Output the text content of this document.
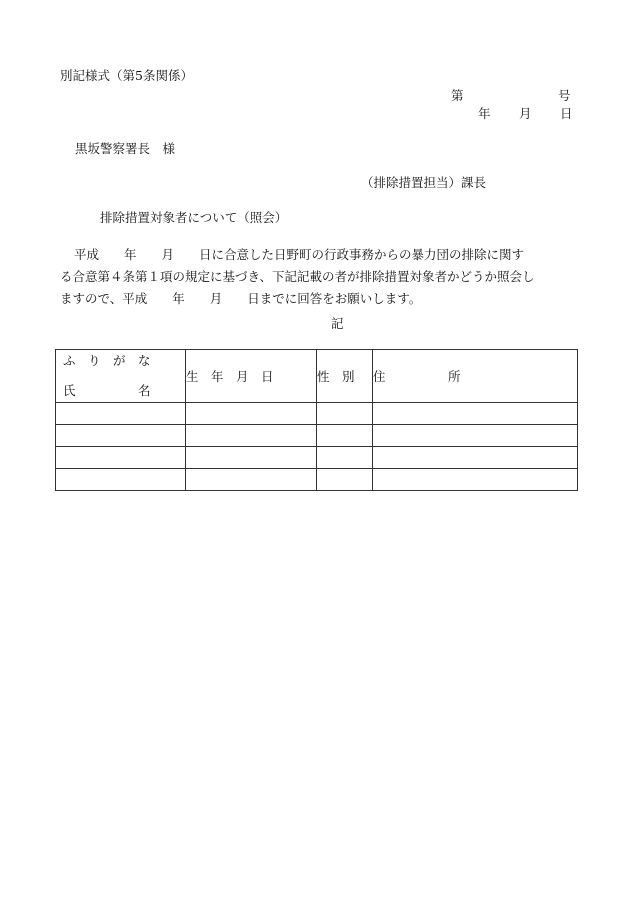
別記様式（第5条関係）
第	号
年 月 日
黒坂警察署長　様
（排除措置担当）課長
排除措置対象者について（照会）
平成　　年　　月　　日に合意した日野町の行政事務からの暴力団の排除に関す
る合意第４条第１項の規定に基づき、下記記載の者が排除措置対象者かどうか照会し
ますので、平成　　年　　月　　日までに回答をお願いします。
記
ふ　り　が　な
氏　　　　　名	生　年　月　日	性　別	住　　　　　所
